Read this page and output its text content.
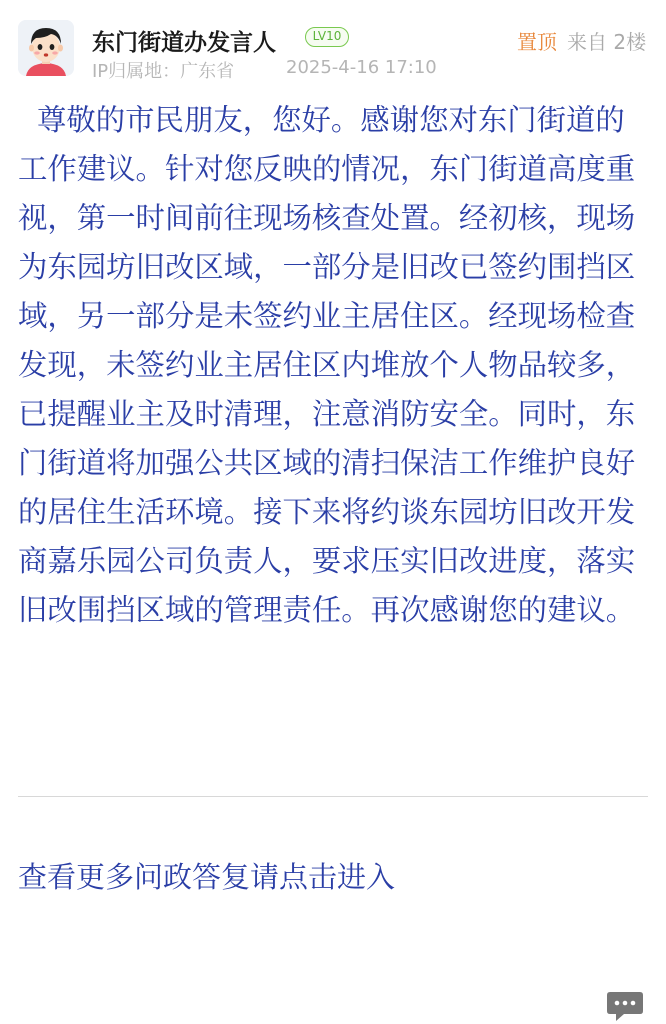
东门街道办发言人	LV10	置顶 来自 2楼
IP归属地：广东省	2025-4-16 17:10

尊敬的市民朋友，您好。感谢您对东门街道的工作建议。针对您反映的情况，东门街道高度重视，第一时间前往现场核查处置。经初核，现场为东园坊旧改区域，一部分是旧改已签约围挡区域，另一部分是未签约业主居住区。经现场检查发现，未签约业主居住区内堆放个人物品较多，已提醒业主及时清理，注意消防安全。同时，东门街道将加强公共区域的清扫保洁工作维护良好的居住生活环境。接下来将约谈东园坊旧改开发商嘉乐园公司负责人，要求压实旧改进度，落实旧改围挡区域的管理责任。再次感谢您的建议。

查看更多问政答复请点击进入
